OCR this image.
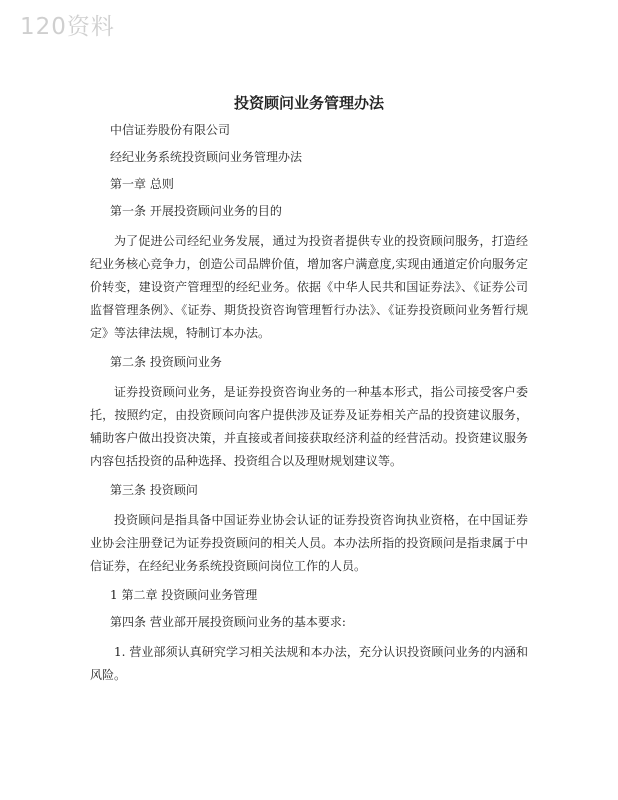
120资料
投资顾问业务管理办法
中信证券股份有限公司
经纪业务系统投资顾问业务管理办法
第一章 总则
第一条 开展投资顾问业务的目的
为了促进公司经纪业务发展，通过为投资者提供专业的投资顾问服务，打造经纪业务核心竞争力，创造公司品牌价值，增加客户满意度,实现由通道定价向服务定价转变，建设资产管理型的经纪业务。依据《中华人民共和国证券法》、《证券公司监督管理条例》、《证券、期货投资咨询管理暂行办法》、《证券投资顾问业务暂行规定》等法律法规，特制订本办法。
第二条 投资顾问业务
证券投资顾问业务，是证券投资咨询业务的一种基本形式，指公司接受客户委托，按照约定，由投资顾问向客户提供涉及证券及证券相关产品的投资建议服务，辅助客户做出投资决策，并直接或者间接获取经济利益的经营活动。投资建议服务内容包括投资的品种选择、投资组合以及理财规划建议等。
第三条 投资顾问
投资顾问是指具备中国证券业协会认证的证券投资咨询执业资格，在中国证券业协会注册登记为证券投资顾问的相关人员。本办法所指的投资顾问是指隶属于中信证券，在经纪业务系统投资顾问岗位工作的人员。
1 第二章 投资顾问业务管理
第四条 营业部开展投资顾问业务的基本要求:
1. 营业部须认真研究学习相关法规和本办法，充分认识投资顾问业务的内涵和风险。
